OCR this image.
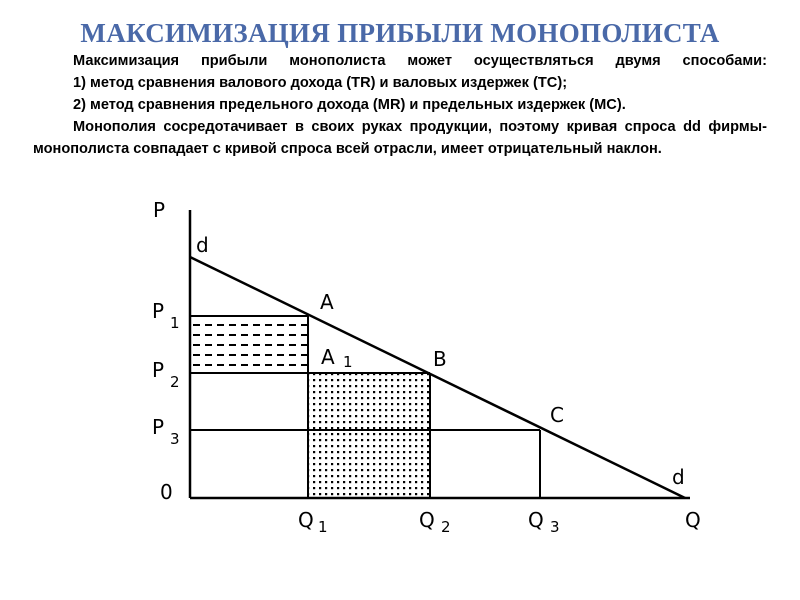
МАКСИМИЗАЦИЯ ПРИБЫЛИ МОНОПОЛИСТА

Максимизация прибыли монополиста может осуществляться двумя способами:

1) метод сравнения валового дохода (TR) и валовых издержек (TC);

2) метод сравнения предельного дохода (MR) и предельных издержек (MC).

Монополия сосредотачивает в своих руках продукции, поэтому кривая спроса dd фирмы-монополиста совпадает с кривой спроса всей отрасли, имеет отрицательный наклон.

P
Q
0
d
d
P 1
P 2
P 3
Q 1	Q 2	Q 3
A
A 1	B
C
